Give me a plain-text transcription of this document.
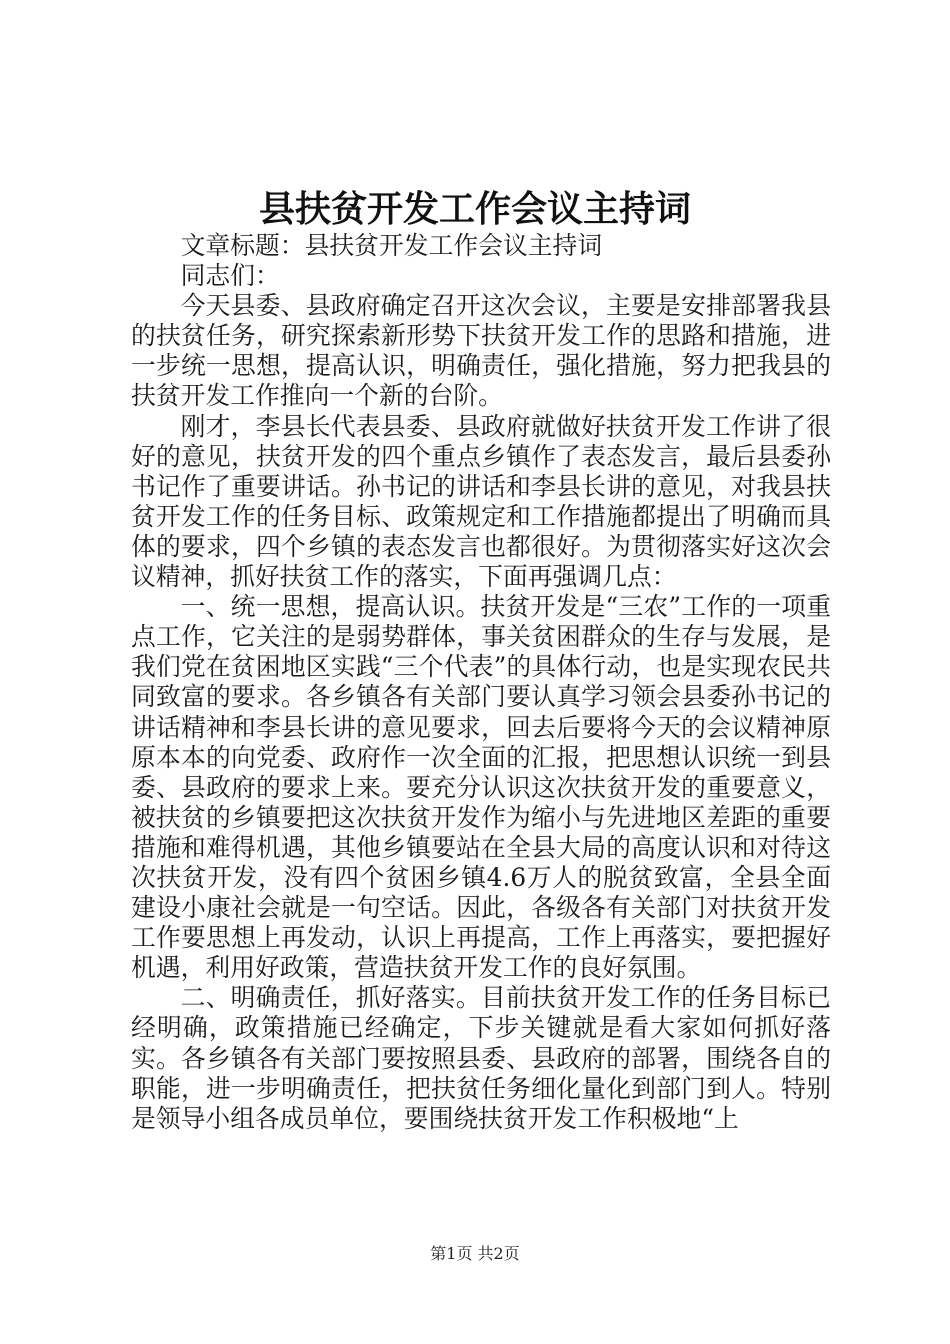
县扶贫开发工作会议主持词

文章标题：县扶贫开发工作会议主持词

同志们：

今天县委、县政府确定召开这次会议，主要是安排部署我县的扶贫任务，研究探索新形势下扶贫开发工作的思路和措施，进一步统一思想，提高认识，明确责任，强化措施，努力把我县的扶贫开发工作推向一个新的台阶。

刚才，李县长代表县委、县政府就做好扶贫开发工作讲了很好的意见，扶贫开发的四个重点乡镇作了表态发言，最后县委孙书记作了重要讲话。孙书记的讲话和李县长讲的意见，对我县扶贫开发工作的任务目标、政策规定和工作措施都提出了明确而具体的要求，四个乡镇的表态发言也都很好。为贯彻落实好这次会议精神，抓好扶贫工作的落实，下面再强调几点：

一、统一思想，提高认识。扶贫开发是“三农”工作的一项重点工作，它关注的是弱势群体，事关贫困群众的生存与发展，是我们党在贫困地区实践“三个代表”的具体行动，也是实现农民共同致富的要求。各乡镇各有关部门要认真学习领会县委孙书记的讲话精神和李县长讲的意见要求，回去后要将今天的会议精神原原本本的向党委、政府作一次全面的汇报，把思想认识统一到县委、县政府的要求上来。要充分认识这次扶贫开发的重要意义，被扶贫的乡镇要把这次扶贫开发作为缩小与先进地区差距的重要措施和难得机遇，其他乡镇要站在全县大局的高度认识和对待这次扶贫开发，没有四个贫困乡镇4.6万人的脱贫致富，全县全面建设小康社会就是一句空话。因此，各级各有关部门对扶贫开发工作要思想上再发动，认识上再提高，工作上再落实，要把握好机遇，利用好政策，营造扶贫开发工作的良好氛围。

二、明确责任，抓好落实。目前扶贫开发工作的任务目标已经明确，政策措施已经确定，下步关键就是看大家如何抓好落实。各乡镇各有关部门要按照县委、县政府的部署，围绕各自的职能，进一步明确责任，把扶贫任务细化量化到部门到人。特别是领导小组各成员单位，要围绕扶贫开发工作积极地“上

第1页 共2页
